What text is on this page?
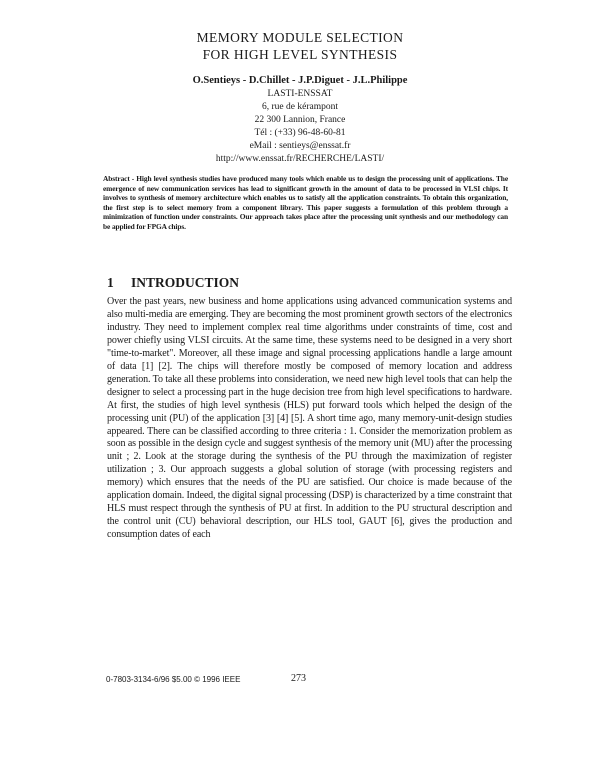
MEMORY MODULE SELECTION
FOR HIGH LEVEL SYNTHESIS
O.Sentieys - D.Chillet - J.P.Diguet - J.L.Philippe
LASTI-ENSSAT
6, rue de kérampont
22 300 Lannion, France
Tél : (+33) 96-48-60-81
eMail : sentieys@enssat.fr
http://www.enssat.fr/RECHERCHE/LASTI/
Abstract - High level synthesis studies have produced many tools which enable us to design the processing unit of applications. The emergence of new communication services has lead to significant growth in the amount of data to be processed in VLSI chips. It involves to synthesis of memory architecture which enables us to satisfy all the application constraints. To obtain this organization, the first step is to select memory from a component library. This paper suggests a formulation of this problem through a minimization of function under constraints. Our approach takes place after the processing unit synthesis and our methodology can be applied for FPGA chips.
1 INTRODUCTION

Over the past years, new business and home applications using advanced communication systems and also multi-media are emerging. They are becoming the most prominent growth sectors of the electronics industry. They need to implement complex real time algorithms under constraints of time, cost and power chiefly using VLSI circuits. At the same time, these systems need to be designed in a very short "time-to-market". Moreover, all these image and signal processing applications handle a large amount of data [1] [2]. The chips will therefore mostly be composed of memory location and address generation. To take all these problems into consideration, we need new high level tools that can help the designer to select a processing part in the huge decision tree from high level specifications to hardware. At first, the studies of high level synthesis (HLS) put forward tools which helped the design of the processing unit (PU) of the application [3] [4] [5]. A short time ago, many memory-unit-design studies appeared. There can be classified according to three criteria : 1. Consider the memorization problem as soon as possible in the design cycle and suggest synthesis of the memory unit (MU) after the processing unit ; 2. Look at the storage during the synthesis of the PU through the maximization of register utilization ; 3. Our approach suggests a global solution of storage (with processing registers and memory) which ensures that the needs of the PU are satisfied. Our choice is made because of the application domain. Indeed, the digital signal processing (DSP) is characterized by a time constraint that HLS must respect through the synthesis of PU at first. In addition to the PU structural description and the control unit (CU) behavioral description, our HLS tool, GAUT [6], gives the production and consumption dates of each

0-7803-3134-6/96 $5.00 © 1996 IEEE	273
